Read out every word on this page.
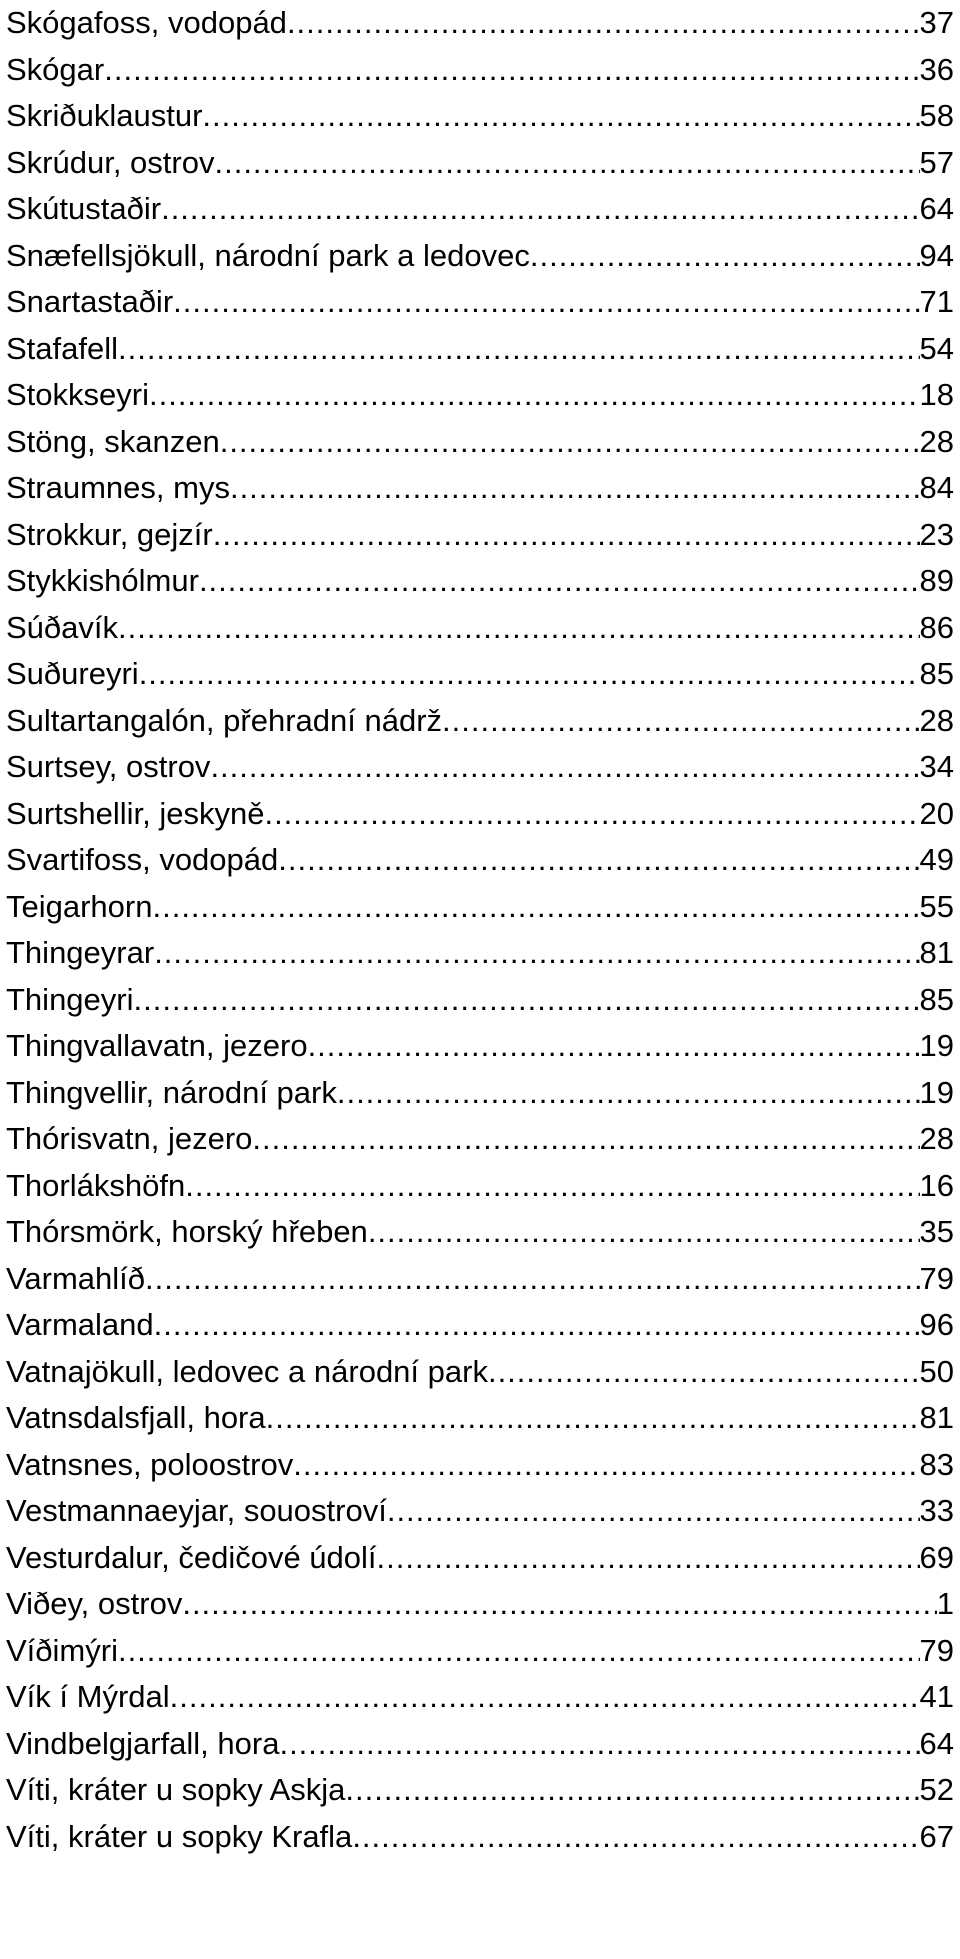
Skógafoss, vodopád .....	37
Skógar .....	36
Skriðuklaustur .....	58
Skrúdur, ostrov .....	57
Skútustaðir .....	64
Snæfellsjökull, národní park a ledovec .....	94
Snartastaðir .....	71
Stafafell .....	54
Stokkseyri .....	18
Stöng, skanzen .....	28
Straumnes, mys .....	84
Strokkur, gejzír .....	23
Stykkishólmur .....	89
Súðavík .....	86
Suðureyri .....	85
Sultartangalón, přehradní nádrž .....	28
Surtsey, ostrov .....	34
Surtshellir, jeskyně .....	20
Svartifoss, vodopád .....	49
Teigarhorn .....	55
Thingeyrar .....	81
Thingeyri .....	85
Thingvallavatn, jezero .....	19
Thingvellir, národní park .....	19
Thórisvatn, jezero .....	28
Thorlákshöfn .....	16
Thórsmörk, horský hřeben .....	35
Varmahlíð .....	79
Varmaland .....	96
Vatnajökull, ledovec a národní park .....	50
Vatnsdalsfjall, hora .....	81
Vatnsnes, poloostrov .....	83
Vestmannaeyjar, souostroví .....	33
Vesturdalur, čedičové údolí .....	69
Viðey, ostrov .....	1
Víðimýri .....	79
Vík í Mýrdal .....	41
Vindbelgjarfall, hora .....	64
Víti, kráter u sopky Askja .....	52
Víti, kráter u sopky Krafla .....	67
